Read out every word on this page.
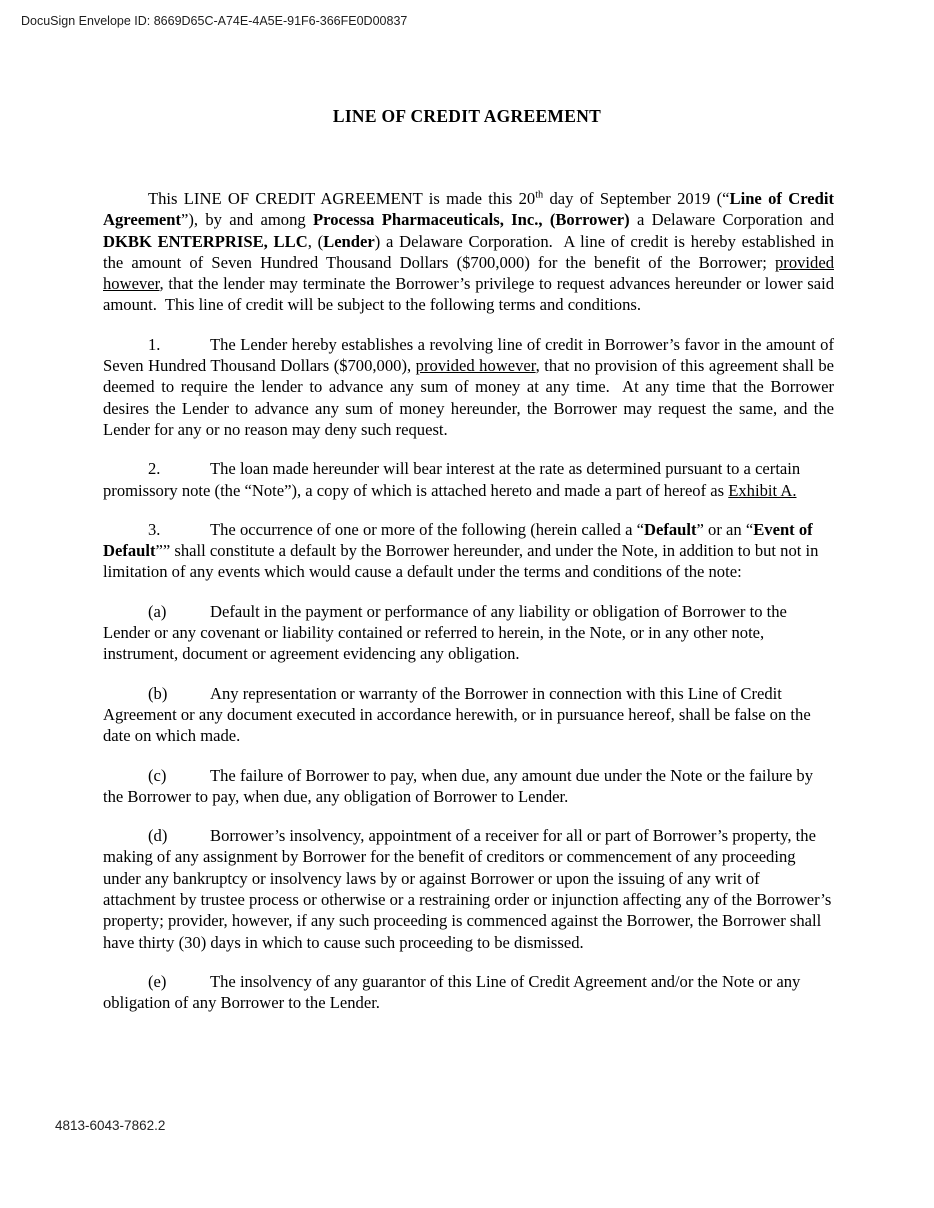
DocuSign Envelope ID: 8669D65C-A74E-4A5E-91F6-366FE0D00837
LINE OF CREDIT AGREEMENT

This LINE OF CREDIT AGREEMENT is made this 20th day of September 2019 (“Line of Credit Agreement”), by and among Processa Pharmaceuticals, Inc., (Borrower) a Delaware Corporation and DKBK ENTERPRISE, LLC, (Lender) a Delaware Corporation.  A line of credit is hereby established in the amount of Seven Hundred Thousand Dollars ($700,000) for the benefit of the Borrower; provided however, that the lender may terminate the Borrower’s privilege to request advances hereunder or lower said amount.  This line of credit will be subject to the following terms and conditions.

1.	The Lender hereby establishes a revolving line of credit in Borrower’s favor in the amount of Seven Hundred Thousand Dollars ($700,000), provided however, that no provision of this agreement shall be deemed to require the lender to advance any sum of money at any time.  At any time that the Borrower desires the Lender to advance any sum of money hereunder, the Borrower may request the same, and the Lender for any or no reason may deny such request.

2.	The loan made hereunder will bear interest at the rate as determined pursuant to a certain promissory note (the “Note”), a copy of which is attached hereto and made a part of hereof as Exhibit A.

3.	The occurrence of one or more of the following (herein called a “Default” or an “Event of Default”” shall constitute a default by the Borrower hereunder, and under the Note, in addition to but not in limitation of any events which would cause a default under the terms and conditions of the note:

(a)	Default in the payment or performance of any liability or obligation of Borrower to the Lender or any covenant or liability contained or referred to herein, in the Note, or in any other note, instrument, document or agreement evidencing any obligation.

(b)	Any representation or warranty of the Borrower in connection with this Line of Credit Agreement or any document executed in accordance herewith, or in pursuance hereof, shall be false on the date on which made.

(c)	The failure of Borrower to pay, when due, any amount due under the Note or the failure by the Borrower to pay, when due, any obligation of Borrower to Lender.

(d)	Borrower’s insolvency, appointment of a receiver for all or part of Borrower’s property, the making of any assignment by Borrower for the benefit of creditors or commencement of any proceeding under any bankruptcy or insolvency laws by or against Borrower or upon the issuing of any writ of attachment by trustee process or otherwise or a restraining order or injunction affecting any of the Borrower’s property; provider, however, if any such proceeding is commenced against the Borrower, the Borrower shall have thirty (30) days in which to cause such proceeding to be dismissed.

(e)	The insolvency of any guarantor of this Line of Credit Agreement and/or the Note or any obligation of any Borrower to the Lender.

4813-6043-7862.2
